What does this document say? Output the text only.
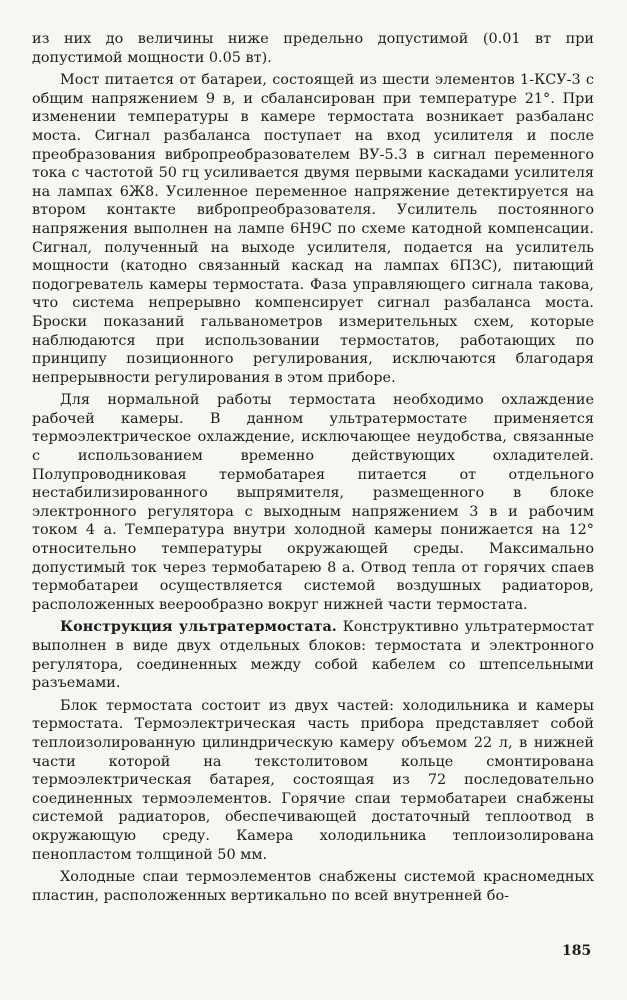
из них до величины ниже предельно допустимой (0.01 вт при допустимой мощности 0.05 вт).

Мост питается от батареи, состоящей из шести элементов 1-КСУ-3 с общим напряжением 9 в, и сбалансирован при температуре 21°. При изменении температуры в камере термостата возникает разбаланс моста. Сигнал разбаланса поступает на вход усилителя и после преобразования вибропреобразователем ВУ-5.3 в сигнал переменного тока с частотой 50 гц усиливается двумя первыми каскадами усилителя на лампах 6Ж8. Усиленное переменное напряжение детектируется на втором контакте вибропреобразователя. Усилитель постоянного напряжения выполнен на лампе 6Н9С по схеме катодной компенсации. Сигнал, полученный на выходе усилителя, подается на усилитель мощности (катодно связанный каскад на лампах 6П3С), питающий подогреватель камеры термостата. Фаза управляющего сигнала такова, что система непрерывно компенсирует сигнал разбаланса моста. Броски показаний гальванометров измерительных схем, которые наблюдаются при использовании термостатов, работающих по принципу позиционного регулирования, исключаются благодаря непрерывности регулирования в этом приборе.

Для нормальной работы термостата необходимо охлаждение рабочей камеры. В данном ультратермостате применяется термоэлектрическое охлаждение, исключающее неудобства, связанные с использованием временно действующих охладителей. Полупроводниковая термобатарея питается от отдельного нестабилизированного выпрямителя, размещенного в блоке электронного регулятора с выходным напряжением 3 в и рабочим током 4 а. Температура внутри холодной камеры понижается на 12° относительно температуры окружающей среды. Максимально допустимый ток через термобатарею 8 а. Отвод тепла от горячих спаев термобатареи осуществляется системой воздушных радиаторов, расположенных веерообразно вокруг нижней части термостата.

Конструкция ультратермостата. Конструктивно ультратермостат выполнен в виде двух отдельных блоков: термостата и электронного регулятора, соединенных между собой кабелем со штепсельными разъемами.

Блок термостата состоит из двух частей: холодильника и камеры термостата. Термоэлектрическая часть прибора представляет собой теплоизолированную цилиндрическую камеру объемом 22 л, в нижней части которой на текстолитовом кольце смонтирована термоэлектрическая батарея, состоящая из 72 последовательно соединенных термоэлементов. Горячие спаи термобатареи снабжены системой радиаторов, обеспечивающей достаточный теплоотвод в окружающую среду. Камера холодильника теплоизолирована пенопластом толщиной 50 мм.

Холодные спаи термоэлементов снабжены системой красномедных пластин, расположенных вертикально по всей внутренней бо-

185
